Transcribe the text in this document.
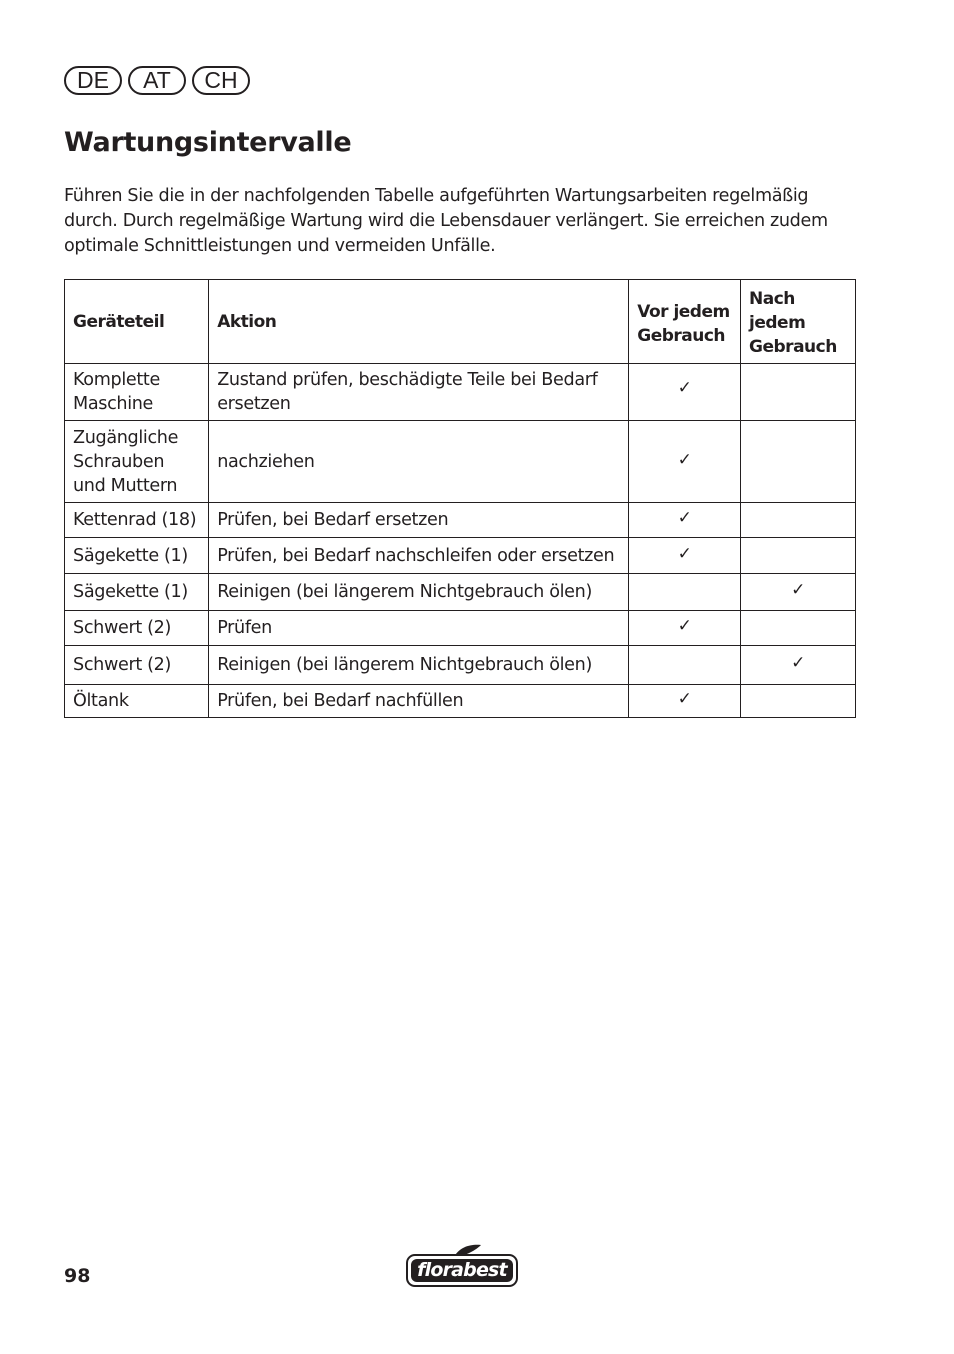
DE	AT	CH
Wartungsintervalle

Führen Sie die in der nachfolgenden Tabelle aufgeführten Wartungsarbeiten regelmäßig durch. Durch regelmäßige Wartung wird die Lebensdauer verlängert. Sie erreichen zudem optimale Schnittleistungen und vermeiden Unfälle.

Geräteteil	Aktion	Vor jedem Gebrauch	Nach jedem Gebrauch
Komplette Maschine	Zustand prüfen, beschädigte Teile bei Bedarf ersetzen	✓	
Zugängliche Schrauben und Muttern	nachziehen	✓	
Kettenrad (18)	Prüfen, bei Bedarf ersetzen	✓	
Sägekette (1)	Prüfen, bei Bedarf nachschleifen oder ersetzen	✓	
Sägekette (1)	Reinigen (bei längerem Nichtgebrauch ölen)		✓
Schwert (2)	Prüfen	✓	
Schwert (2)	Reinigen (bei längerem Nichtgebrauch ölen)		✓
Öltank	Prüfen, bei Bedarf nachfüllen	✓	
98	florabest
